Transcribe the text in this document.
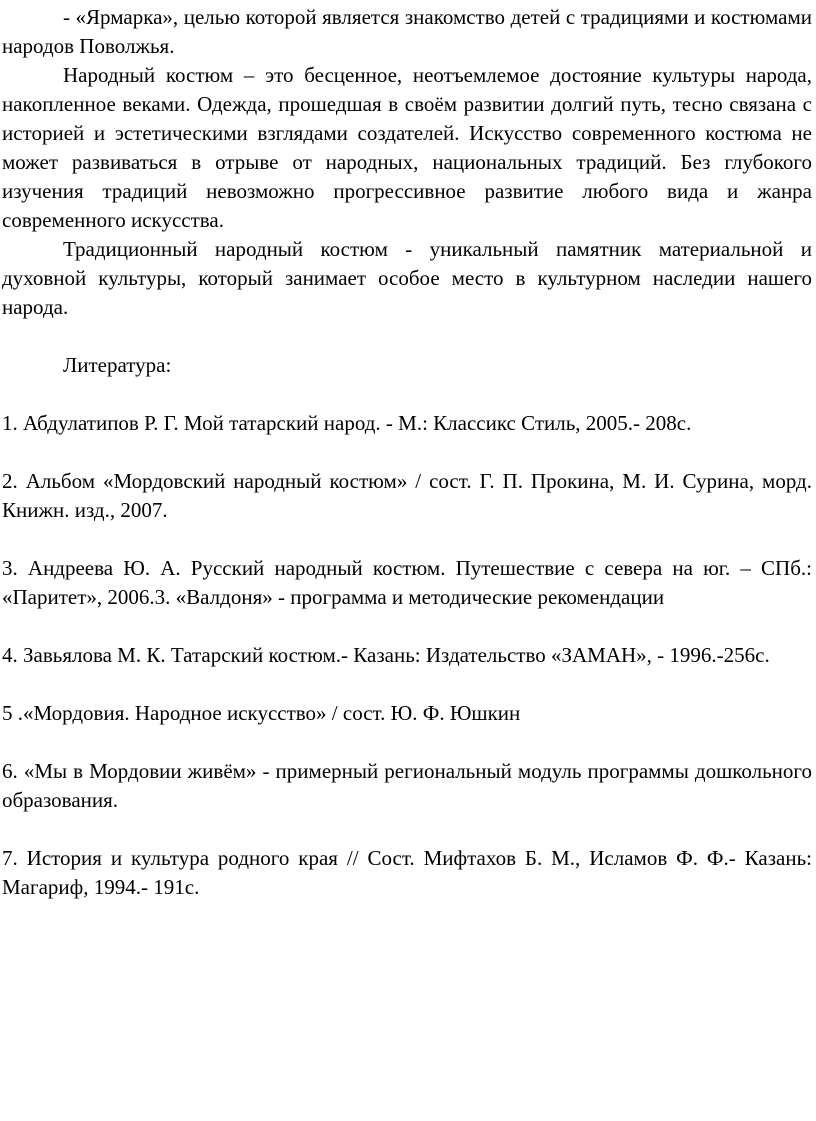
- «Ярмарка», целью которой является знакомство детей с традициями и костюмами народов Поволжья.

Народный костюм – это бесценное, неотъемлемое достояние культуры народа, накопленное веками. Одежда, прошедшая в своём развитии долгий путь, тесно связана с историей и эстетическими взглядами создателей. Искусство современного костюма не может развиваться в отрыве от народных, национальных традиций. Без глубокого изучения традиций невозможно прогрессивное развитие любого вида и жанра современного искусства.

Традиционный народный костюм - уникальный памятник материальной и духовной культуры, который занимает особое место в культурном наследии нашего народа.

Литература:

1. Абдулатипов Р. Г. Мой татарский народ. - М.: Классикс Стиль, 2005.- 208с.

2. Альбом «Мордовский народный костюм» / сост. Г. П. Прокина, М. И. Сурина, морд. Книжн. изд., 2007.

3. Андреева Ю. А. Русский народный костюм. Путешествие с севера на юг. – СПб.: «Паритет», 2006.3. «Валдоня» - программа и методические рекомендации

4. Завьялова М. К. Татарский костюм.- Казань: Издательство «ЗАМАН», - 1996.-256с.

5 .«Мордовия. Народное искусство» / сост. Ю. Ф. Юшкин

6. «Мы в Мордовии живём» - примерный региональный модуль программы дошкольного образования.

7. История и культура родного края // Сост. Мифтахов Б. М., Исламов Ф. Ф.- Казань: Магариф, 1994.- 191с.
